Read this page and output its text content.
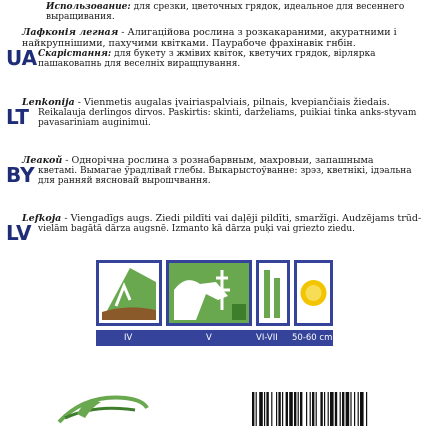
Использование: для срезки, цветочных грядок, идеальное для весеннего выращивания.
Лафконія легная - Алигацiйова рослина з розкакараними, акуратними i найкрупнiшими, пахучими квiтками. Паурабоче фрахiнавiк гнбiн.
UA Скарiстання: для букету з жмiвих квiток, кветучих грядок, вiрлярка пашаковапнь для веселнiх виращпування.
Lenkonija - Vienmetis augalas įvairiaspalviais, pilnais, kvepiančiais žiedais.
LT Reikalauja derlingos dirvos. Paskirtis: skinti, darželiams, puikiai tinka anks-styvam pavasariniam auginimui.
Леакой - Однорічна рослина з рознабарвным, махровыи, запашныма
BY кветамі. Вымагае ўрадлівай глебы. Выкарыстоўванне: зрэз, кветнікі, ідэальна для ранняй вясновай вырошчвання.
Lefkoja - Viengadīgs augs. Ziedi pildīti vai daļēji pildīti, smaržīgi. Audzējams trūd-
LV vielām bagātā dārza augsnē. Izmanto kā dārza puķi vai griezto ziedu.
IV	V	VI-VII 50-60 cm
